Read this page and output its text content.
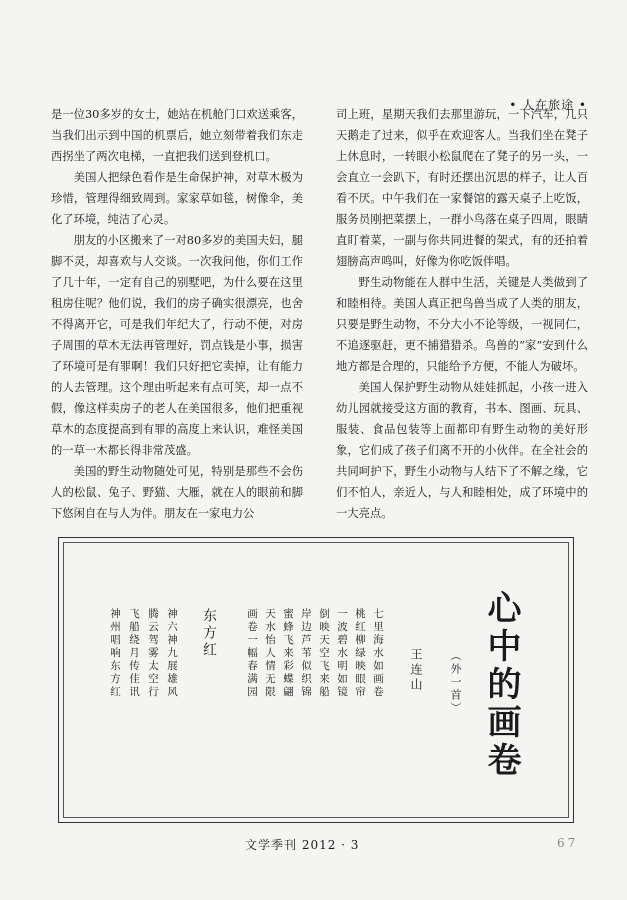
• 人在旅途 •

是一位30多岁的女士，她站在机舱门口欢送乘客，当我们出示到中国的机票后，她立刻带着我们东走西拐坐了两次电梯，一直把我们送到登机口。

美国人把绿色看作是生命保护神，对草木极为珍惜，管理得细致周到。家家草如毯，树像伞，美化了环境，纯洁了心灵。

朋友的小区搬来了一对80多岁的美国夫妇，腿脚不灵，却喜欢与人交谈。一次我问他，你们工作了几十年，一定有自己的别墅吧，为什么要在这里租房住呢？他们说，我们的房子确实很漂亮，也舍不得离开它，可是我们年纪大了，行动不便，对房子周围的草木无法再管理好，罚点钱是小事，损害了环境可是有罪啊！我们只好把它卖掉，让有能力的人去管理。这个理由听起来有点可笑，却一点不假，像这样卖房子的老人在美国很多，他们把重视草木的态度提高到有罪的高度上来认识，难怪美国的一草一木都长得非常茂盛。

美国的野生动物随处可见，特别是那些不会伤人的松鼠、兔子、野猫、大雁，就在人的眼前和脚下悠闲自在与人为伴。朋友在一家电力公

司上班，星期天我们去那里游玩，一下汽车，几只天鹅走了过来，似乎在欢迎客人。当我们坐在凳子上休息时，一转眼小松鼠爬在了凳子的另一头，一会直立一会趴下，有时还摆出沉思的样子，让人百看不厌。中午我们在一家餐馆的露天桌子上吃饭，服务员刚把菜摆上，一群小鸟落在桌子四周，眼睛直盯着菜，一副与你共同进餐的架式，有的还拍着翅膀高声鸣叫，好像为你吃饭伴唱。

野生动物能在人群中生活，关键是人类做到了和睦相待。美国人真正把鸟兽当成了人类的朋友，只要是野生动物，不分大小不论等级，一视同仁，不追逐驱赶，更不捕猎猎杀。鸟兽的“家”安到什么地方都是合理的，只能给予方便，不能人为破坏。

美国人保护野生动物从娃娃抓起，小孩一进入幼儿园就接受这方面的教育，书本、图画、玩具、服装、食品包装等上面都印有野生动物的美好形象，它们成了孩子们离不开的小伙伴。在全社会的共同呵护下，野生小动物与人结下了不解之缘，它们不怕人，亲近人，与人和睦相处，成了环境中的一大亮点。

心中的画卷
（外一首）
王连山
七里海水如画卷
桃红柳绿映眼帘
一波碧水明如镜
倒映天空飞来船
岸边芦苇似织锦
蜜蜂飞来彩蝶翩
天水怡人情无限
画卷一幅春满园
东方红
神六神九展雄风
腾云驾雾太空行
飞船绕月传佳讯
神州唱响东方红
文学季刊 2012 · 3	67
